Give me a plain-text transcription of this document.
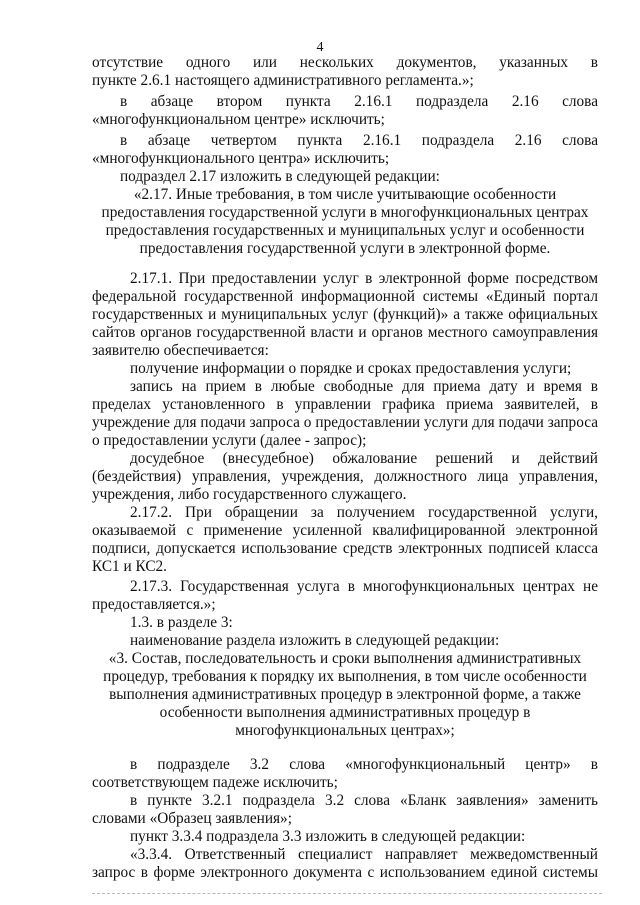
4
отсутствие одного или нескольких документов, указанных в
пункте 2.6.1 настоящего административного регламента.»;
в абзаце втором пункта 2.16.1 подраздела 2.16 слова
«многофункциональном центре» исключить;
в абзаце четвертом пункта 2.16.1 подраздела 2.16 слова
«многофункционального центра» исключить;
подраздел 2.17 изложить в следующей редакции:
«2.17. Иные требования, в том числе учитывающие особенности
предоставления государственной услуги в многофункциональных центрах
предоставления государственных и муниципальных услуг и особенности
предоставления государственной услуги в электронной форме.
2.17.1. При предоставлении услуг в электронной форме посредством
федеральной государственной информационной системы «Единый портал
государственных и муниципальных услуг (функций)» а также официальных
сайтов органов государственной власти и органов местного самоуправления
заявителю обеспечивается:
получение информации о порядке и сроках предоставления услуги;
запись на прием в любые свободные для приема дату и время в
пределах установленного в управлении графика приема заявителей, в
учреждение для подачи запроса о предоставлении услуги для подачи запроса
о предоставлении услуги (далее - запрос);
досудебное (внесудебное) обжалование решений и действий
(бездействия) управления, учреждения, должностного лица управления,
учреждения, либо государственного служащего.
2.17.2. При обращении за получением государственной услуги,
оказываемой с применение усиленной квалифицированной электронной
подписи, допускается использование средств электронных подписей класса
КС1 и КС2.
2.17.3. Государственная услуга в многофункциональных центрах не
предоставляется.»;
1.3. в разделе 3:
наименование раздела изложить в следующей редакции:
«3. Состав, последовательность и сроки выполнения административных
процедур, требования к порядку их выполнения, в том числе особенности
выполнения административных процедур в электронной форме, а также
особенности выполнения административных процедур в
многофункциональных центрах»;
в подразделе 3.2 слова «многофункциональный центр» в
соответствующем падеже исключить;
в пункте 3.2.1 подраздела 3.2 слова «Бланк заявления» заменить
словами «Образец заявления»;
пункт 3.3.4 подраздела 3.3 изложить в следующей редакции:
«3.3.4. Ответственный специалист направляет межведомственный
запрос в форме электронного документа с использованием единой системы
